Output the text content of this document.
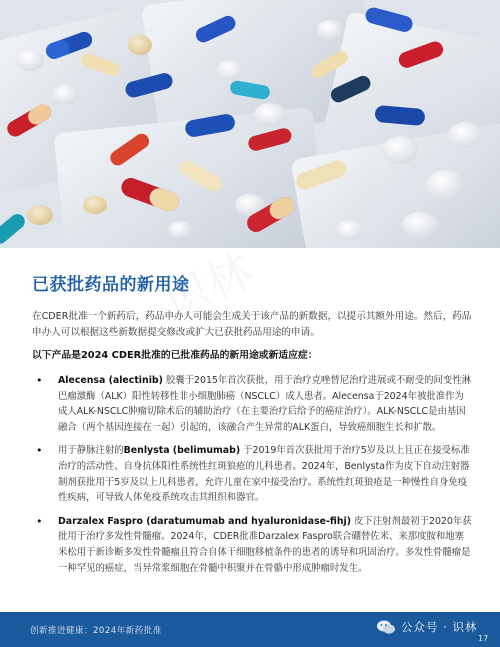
识林
已获批药品的新用途

在CDER批准一个新药后，药品申办人可能会生成关于该产品的新数据，以提示其额外用途。然后，药品申办人可以根据这些新数据提交修改或扩大已获批药品用途的申请。

以下产品是2024 CDER批准的已批准药品的新用途或新适应症：

• Alecensa (alectinib) 胶囊于2015年首次获批，用于治疗克唑替尼治疗进展或不耐受的间变性淋巴瘤激酶（ALK）阳性转移性非小细胞肺癌（NSCLC）成人患者。Alecensa于2024年被批准作为成人ALK-NSCLC肿瘤切除术后的辅助治疗（在主要治疗后给予的癌症治疗）。ALK-NSCLC是由基因融合（两个基因连接在一起）引起的，该融合产生异常的ALK蛋白，导致癌细胞生长和扩散。
• 用于静脉注射的Benlysta (belimumab) 于2019年首次获批用于治疗5岁及以上且正在接受标准治疗的活动性、自身抗体阳性系统性红斑狼疮的儿科患者。2024年，Benlysta作为皮下自动注射器制剂获批用于5岁及以上儿科患者，允许儿童在家中接受治疗。系统性红斑狼疮是一种慢性自身免疫性疾病，可导致人体免疫系统攻击其组织和器官。
• Darzalex Faspro (daratumumab and hyaluronidase-fihj) 皮下注射剂最初于2020年获批用于治疗多发性骨髓瘤。2024年，CDER批准Darzalex Faspro联合硼替佐米、来那度胺和地塞米松用于新诊断多发性骨髓瘤且符合自体干细胞移植条件的患者的诱导和巩固治疗。多发性骨髓瘤是一种罕见的癌症，当异常浆细胞在骨髓中积聚并在骨骼中形成肿瘤时发生。
创新推进健康：2024年新药批准	公众号 · 识林
17
